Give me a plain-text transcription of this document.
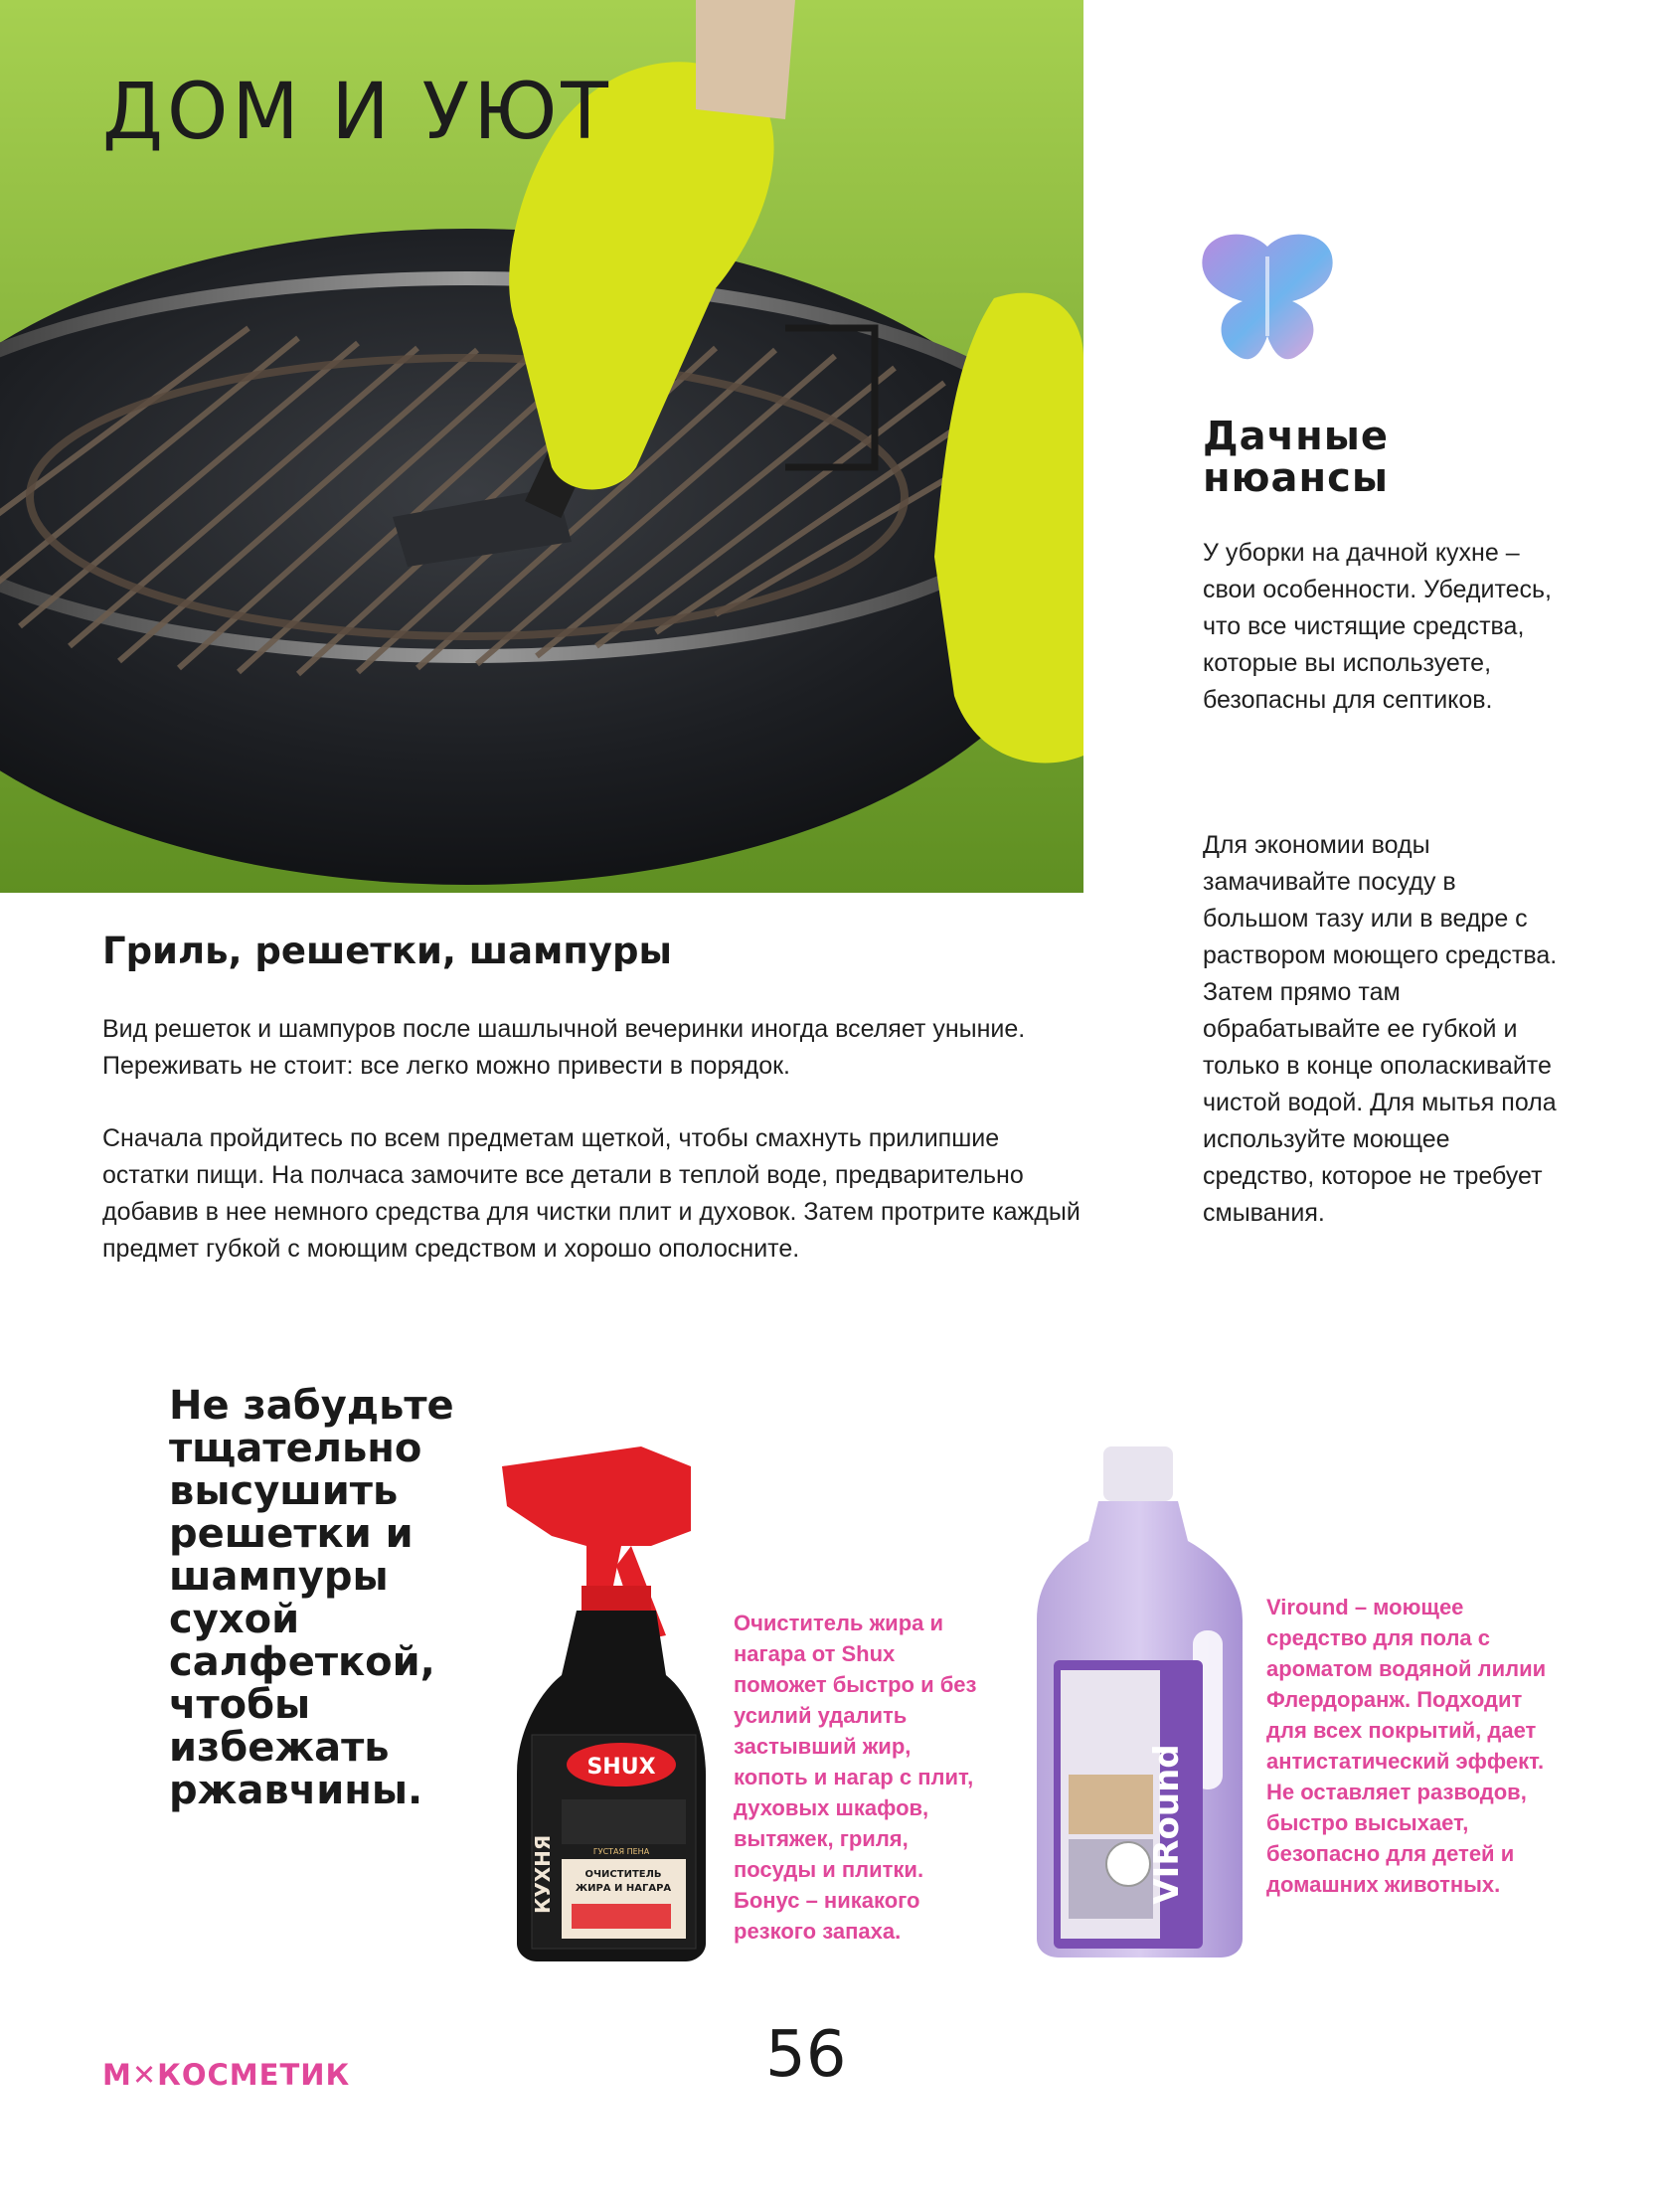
ДОМ И УЮТ
Дачные
нюансы

У уборки на дачной кухне – свои особенности. Убедитесь, что все чистящие средства, которые вы используете, безопасны для септиков.

Для экономии воды замачивайте посуду в большом тазу или в ведре с раствором моющего средства. Затем прямо там обрабатывайте ее губкой и только в конце ополаскивайте чистой водой. Для мытья пола используйте моющее средство, которое не требует смывания.

Гриль, решетки, шампуры

Вид решеток и шампуров после шашлычной вечеринки иногда вселяет уныние. Переживать не стоит: все легко можно привести в порядок.

Сначала пройдитесь по всем предметам щеткой, чтобы смахнуть прилипшие остатки пищи. На полчаса замочите все детали в теплой воде, предварительно добавив в нее немного средства для чистки плит и духовок. Затем протрите каждый предмет губкой с моющим средством и хорошо ополосните.

Не забудьте тщательно высушить решетки и шампуры сухой салфеткой, чтобы избежать ржавчины.

SHUX
ГУСТАЯ ПЕНА
ОЧИСТИТЕЛЬ
ЖИРА И НАГАРА
КУХНЯ

Очиститель жира и нагара от Shux поможет быстро и без усилий удалить застывший жир, копоть и нагар с плит, духовых шкафов, вытяжек, гриля, посуды и плитки. Бонус – никакого резкого запаха.

VIRound

Viround – моющее средство для пола с ароматом водяной лилии Флердоранж. Подходит для всех покрытий, дает антистатический эффект. Не оставляет разводов, быстро высыхает, безопасно для детей и домашних животных.

М✕КОСМЕТИК	56
